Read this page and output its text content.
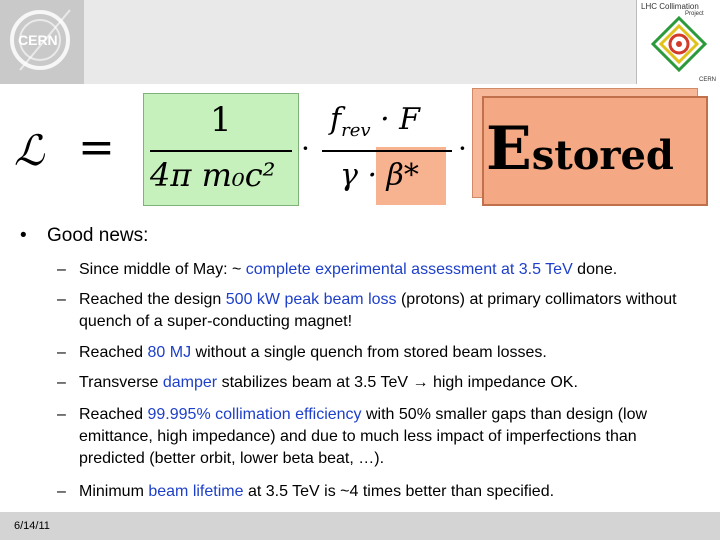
CERN
LHC Collimation
Project
CERN
ℒ =
1
4π m₀c²
·
$f_{rev} \cdot F$
γ · β*
· Estored
• Good news:
– Since middle of May: ~ complete experimental assessment at 3.5 TeV done.
– Reached the design 500 kW peak beam loss (protons) at primary collimators without quench of a super-conducting magnet!
– Reached 80 MJ without a single quench from stored beam losses.
– Transverse damper stabilizes beam at 3.5 TeV → high impedance OK.
– Reached 99.995% collimation efficiency with 50% smaller gaps than design (low emittance, high impedance) and due to much less impact of imperfections than predicted (better orbit, lower beta beat, …).
– Minimum beam lifetime at 3.5 TeV is ~4 times better than specified.
6/14/11
